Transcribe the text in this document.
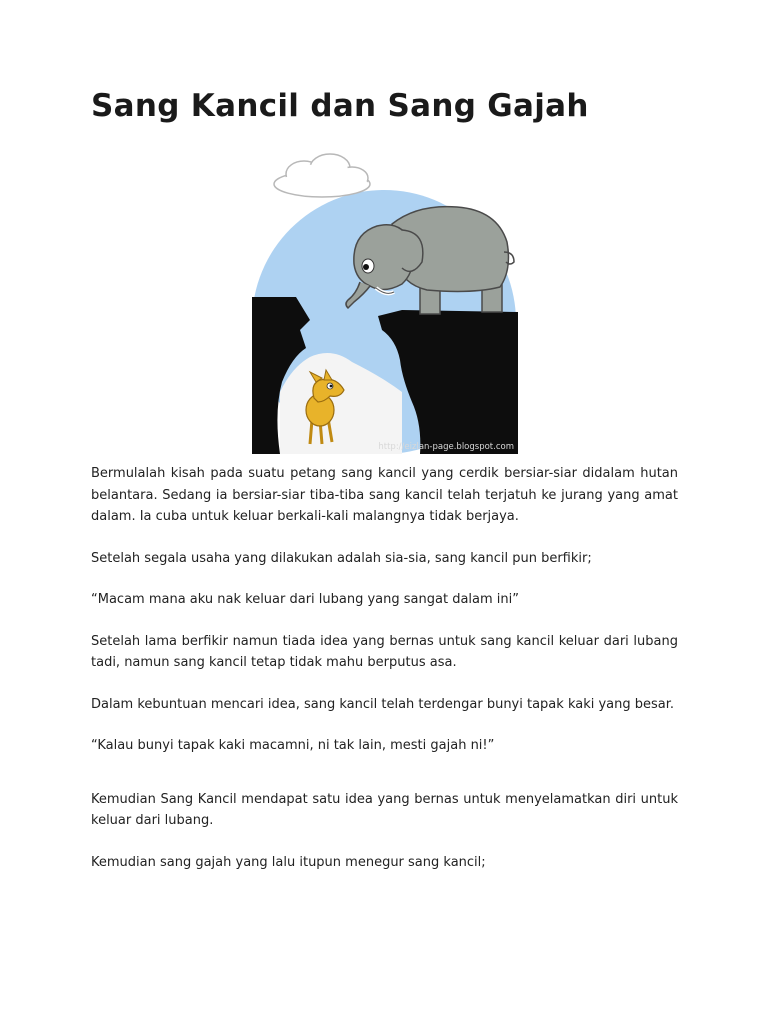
Sang Kancil dan Sang Gajah
http://eizlan-page.blogspot.com

Bermulalah kisah pada suatu petang sang kancil yang cerdik bersiar-siar didalam hutan belantara. Sedang ia bersiar-siar tiba-tiba sang kancil telah terjatuh ke jurang yang amat dalam. Ia cuba untuk keluar berkali-kali malangnya tidak berjaya.

Setelah segala usaha yang dilakukan adalah sia-sia, sang kancil pun berfikir;

“Macam mana aku nak keluar dari lubang yang sangat dalam ini”

Setelah lama berfikir namun tiada idea yang bernas untuk sang kancil keluar dari lubang tadi, namun sang kancil tetap tidak mahu berputus asa.

Dalam kebuntuan mencari idea, sang kancil telah terdengar bunyi tapak kaki yang besar.

“Kalau bunyi tapak kaki macamni, ni tak lain, mesti gajah ni!”

Kemudian Sang Kancil mendapat satu idea yang bernas untuk menyelamatkan diri untuk keluar dari lubang.

Kemudian sang gajah yang lalu itupun menegur sang kancil;
